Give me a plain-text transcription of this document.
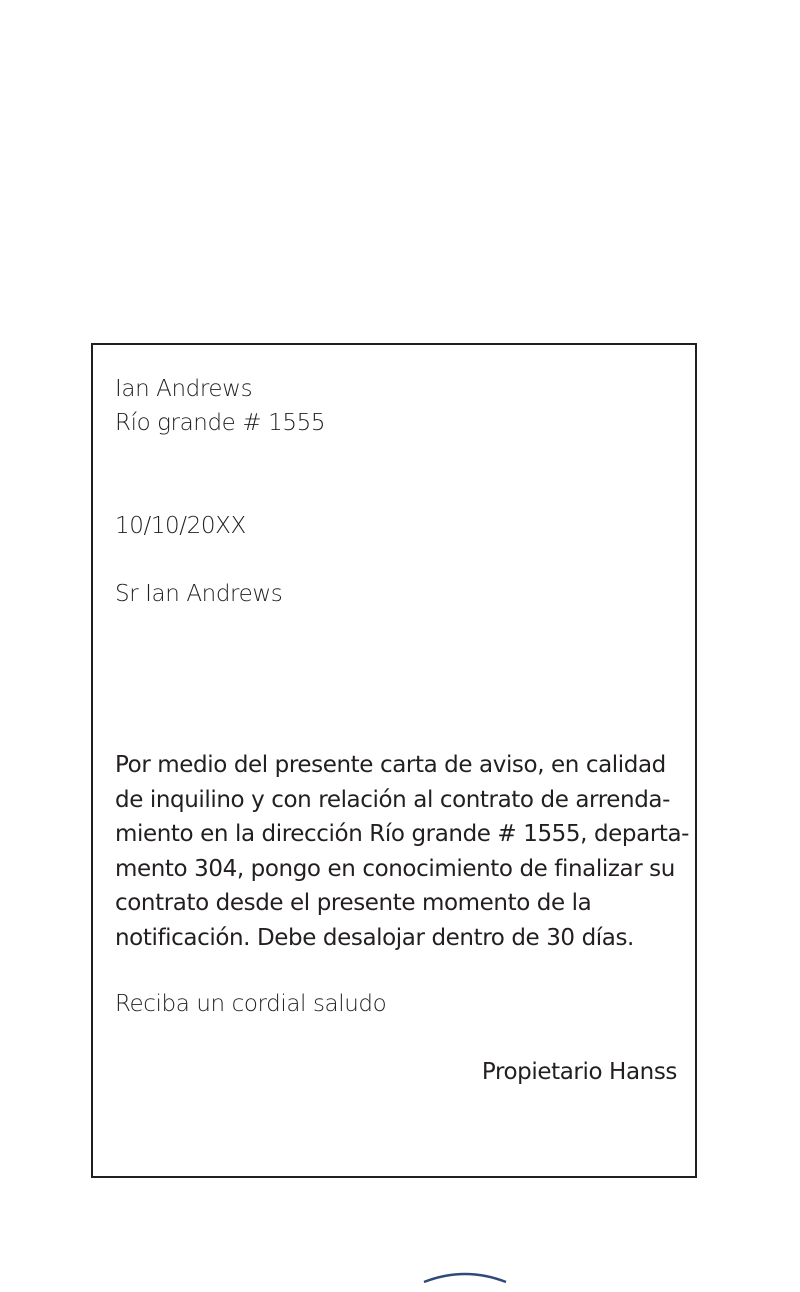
Ian Andrews
Río grande # 1555
10/10/20XX
Sr Ian Andrews
Por medio del presente carta de aviso, en calidad
de inquilino y con relación al contrato de arrenda-
miento en la dirección Río grande # 1555, departa-
mento 304, pongo en conocimiento de finalizar su
contrato desde el presente momento de la
notificación. Debe desalojar dentro de 30 días.
Reciba un cordial saludo
Propietario Hanss
